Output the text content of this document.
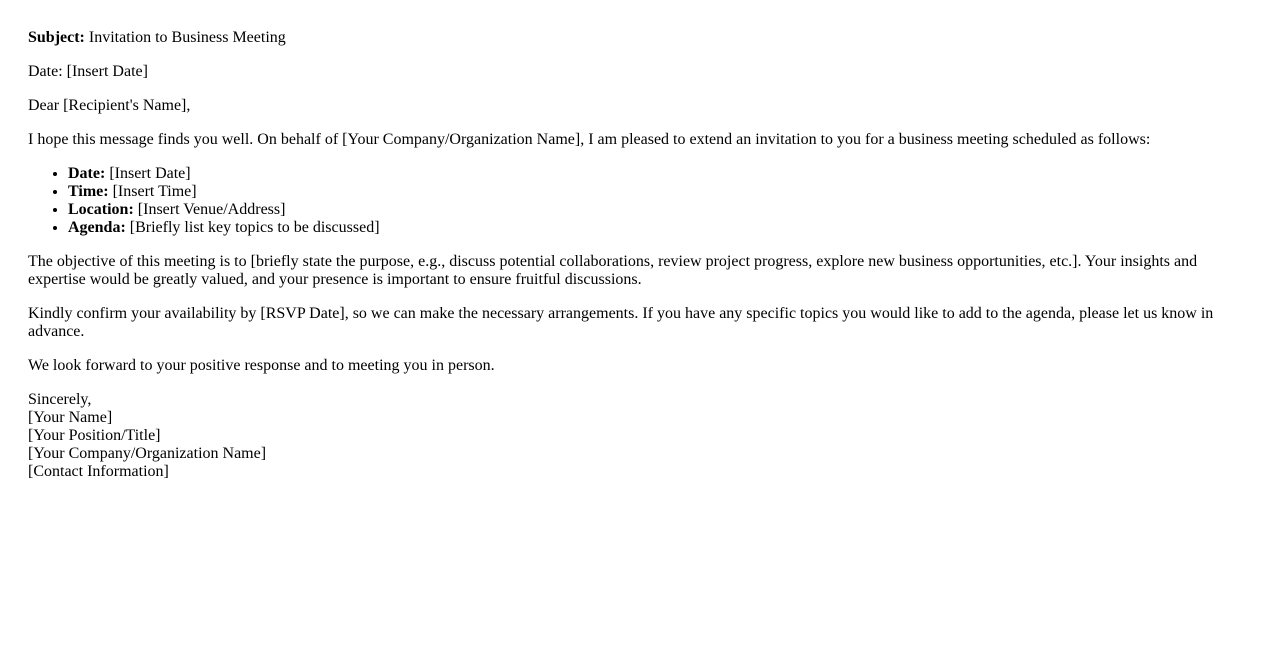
Subject: Invitation to Business Meeting

Date: [Insert Date]

Dear [Recipient's Name],

I hope this message finds you well. On behalf of [Your Company/Organization Name], I am pleased to extend an invitation to you for a business meeting scheduled as follows:

• Date: [Insert Date]
• Time: [Insert Time]
• Location: [Insert Venue/Address]
• Agenda: [Briefly list key topics to be discussed]

The objective of this meeting is to [briefly state the purpose, e.g., discuss potential collaborations, review project progress, explore new business opportunities, etc.]. Your insights and expertise would be greatly valued, and your presence is important to ensure fruitful discussions.

Kindly confirm your availability by [RSVP Date], so we can make the necessary arrangements. If you have any specific topics you would like to add to the agenda, please let us know in advance.

We look forward to your positive response and to meeting you in person.

Sincerely,
[Your Name]
[Your Position/Title]
[Your Company/Organization Name]
[Contact Information]
